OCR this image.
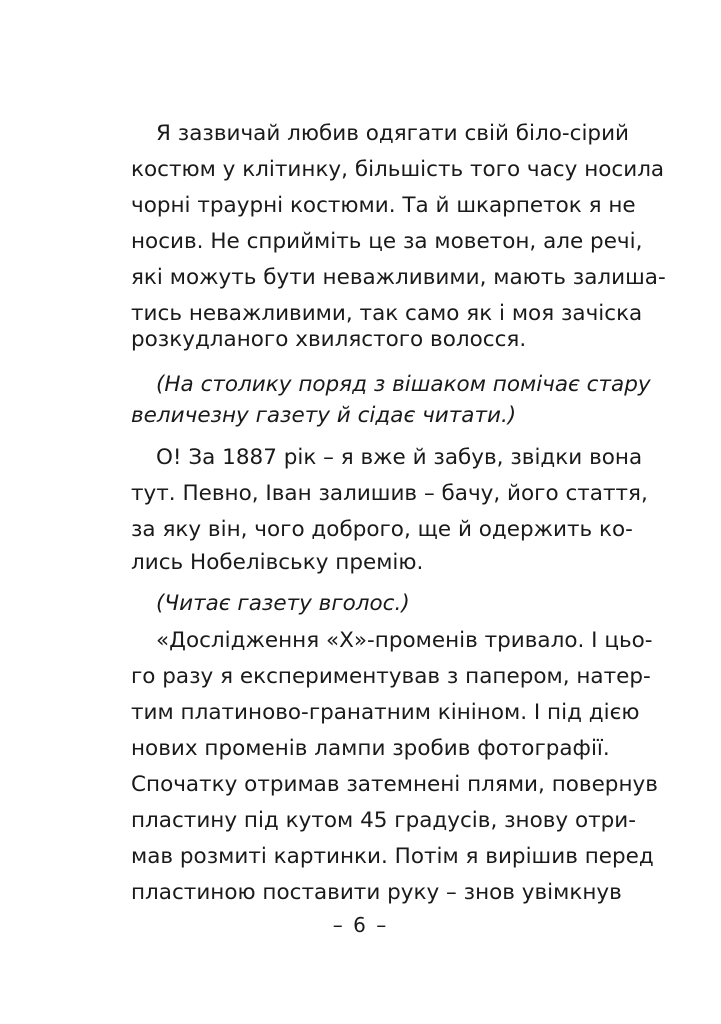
Я зазвичай любив одягати свій біло-сірий
костюм у клітинку, більшість того часу носила
чорні траурні костюми. Та й шкарпеток я не
носив. Не сприйміть це за моветон, але речі,
які можуть бути неважливими, мають залиша-
тись неважливими, так само як і моя зачіска
розкудланого хвилястого волосся.
(На столику поряд з вішаком помічає стару
величезну газету й сідає читати.)
О! За 1887 рік – я вже й забув, звідки вона
тут. Певно, Іван залишив – бачу, його стаття,
за яку він, чого доброго, ще й одержить ко-
лись Нобелівську премію.
(Читає газету вголос.)
«Дослідження «Х»-променів тривало. І цьо-
го разу я експериментував з папером, натер-
тим платиново-гранатним кініном. І під дією
нових променів лампи зробив фотографії.
Спочатку отримав затемнені плями, повернув
пластину під кутом 45 градусів, знову отри-
мав розмиті картинки. Потім я вирішив перед
пластиною поставити руку – знов увімкнув
– 6 –
